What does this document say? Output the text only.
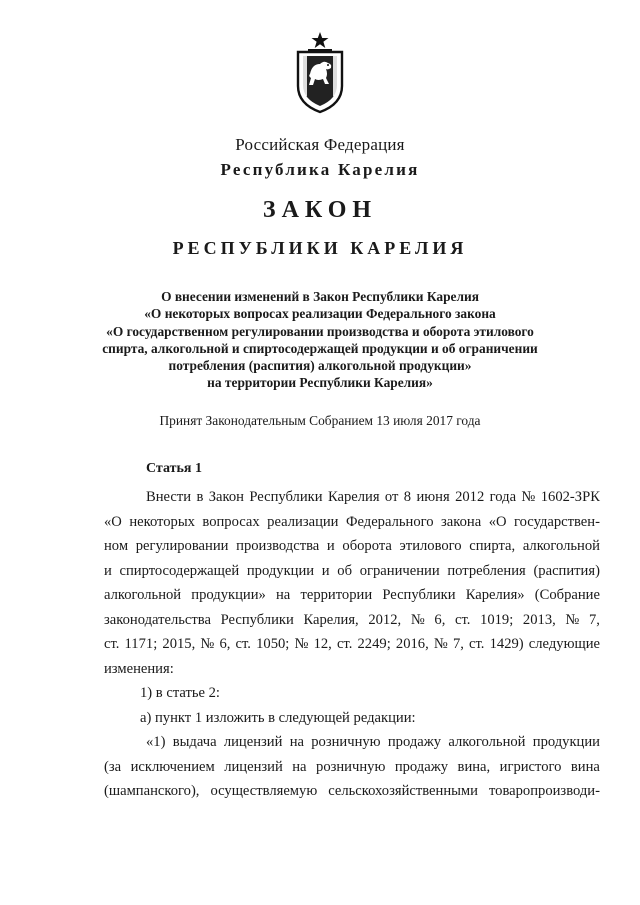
Российская Федерация
Республика Карелия
ЗАКОН
РЕСПУБЛИКИ КАРЕЛИЯ
О внесении изменений в Закон Республики Карелия
«О некоторых вопросах реализации Федерального закона
«О государственном регулировании производства и оборота этилового
спирта, алкогольной и спиртосодержащей продукции и об ограничении
потребления (распития) алкогольной продукции»
на территории Республики Карелия»
Принят Законодательным Собранием 13 июля 2017 года
Статья 1
Внести в Закон Республики Карелия от 8 июня 2012 года № 1602-ЗРК
«О некоторых вопросах реализации Федерального закона «О государствен-
ном регулировании производства и оборота этилового спирта, алкогольной
и спиртосодержащей продукции и об ограничении потребления (распития)
алкогольной продукции» на территории Республики Карелия» (Собрание
законодательства Республики Карелия, 2012, № 6, ст. 1019; 2013, № 7,
ст. 1171; 2015, № 6, ст. 1050; № 12, ст. 2249; 2016, № 7, ст. 1429) следующие
изменения:
1) в статье 2:
а) пункт 1 изложить в следующей редакции:
«1) выдача лицензий на розничную продажу алкогольной продукции
(за исключением лицензий на розничную продажу вина, игристого вина
(шампанского), осуществляемую сельскохозяйственными товаропроизводи-
